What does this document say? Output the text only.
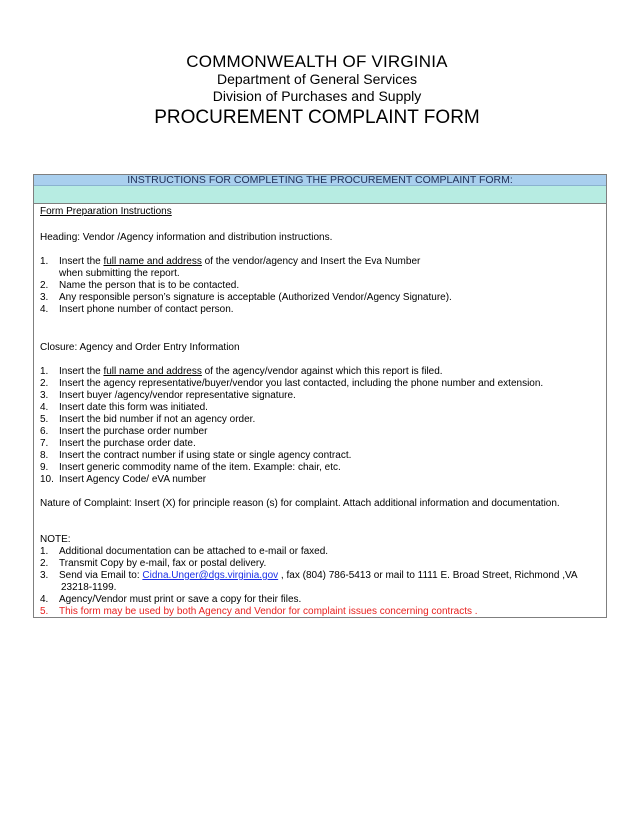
COMMONWEALTH OF VIRGINIA
Department of General Services
Division of Purchases and Supply
PROCUREMENT COMPLAINT FORM
INSTRUCTIONS FOR COMPLETING THE PROCUREMENT COMPLAINT FORM:
Form Preparation Instructions
Heading: Vendor /Agency information and distribution instructions.
1. Insert the full name and address of the vendor/agency and Insert the Eva Number
when submitting the report.
2. Name the person that is to be contacted.
3. Any responsible person’s signature is acceptable (Authorized Vendor/Agency Signature).
4. Insert phone number of contact person.
Closure: Agency and Order Entry Information
1. Insert the full name and address of the agency/vendor against which this report is filed.
2. Insert the agency representative/buyer/vendor you last contacted, including the phone number and extension.
3. Insert buyer /agency/vendor representative signature.
4. Insert date this form was initiated.
5. Insert the bid number if not an agency order.
6. Insert the purchase order number
7. Insert the purchase order date.
8. Insert the contract number if using state or single agency contract.
9. Insert generic commodity name of the item. Example: chair, etc.
10. Insert Agency Code/ eVA number
Nature of Complaint: Insert (X) for principle reason (s) for complaint. Attach additional information and documentation.
NOTE:
1. Additional documentation can be attached to e-mail or faxed.
2. Transmit Copy by e-mail, fax or postal delivery.
3. Send via Email to: Cidna.Unger@dgs.virginia.gov , fax (804) 786-5413 or mail to 1111 E. Broad Street, Richmond ,VA
23218-1199.
4. Agency/Vendor must print or save a copy for their files.
5. This form may be used by both Agency and Vendor for complaint issues concerning contracts .
